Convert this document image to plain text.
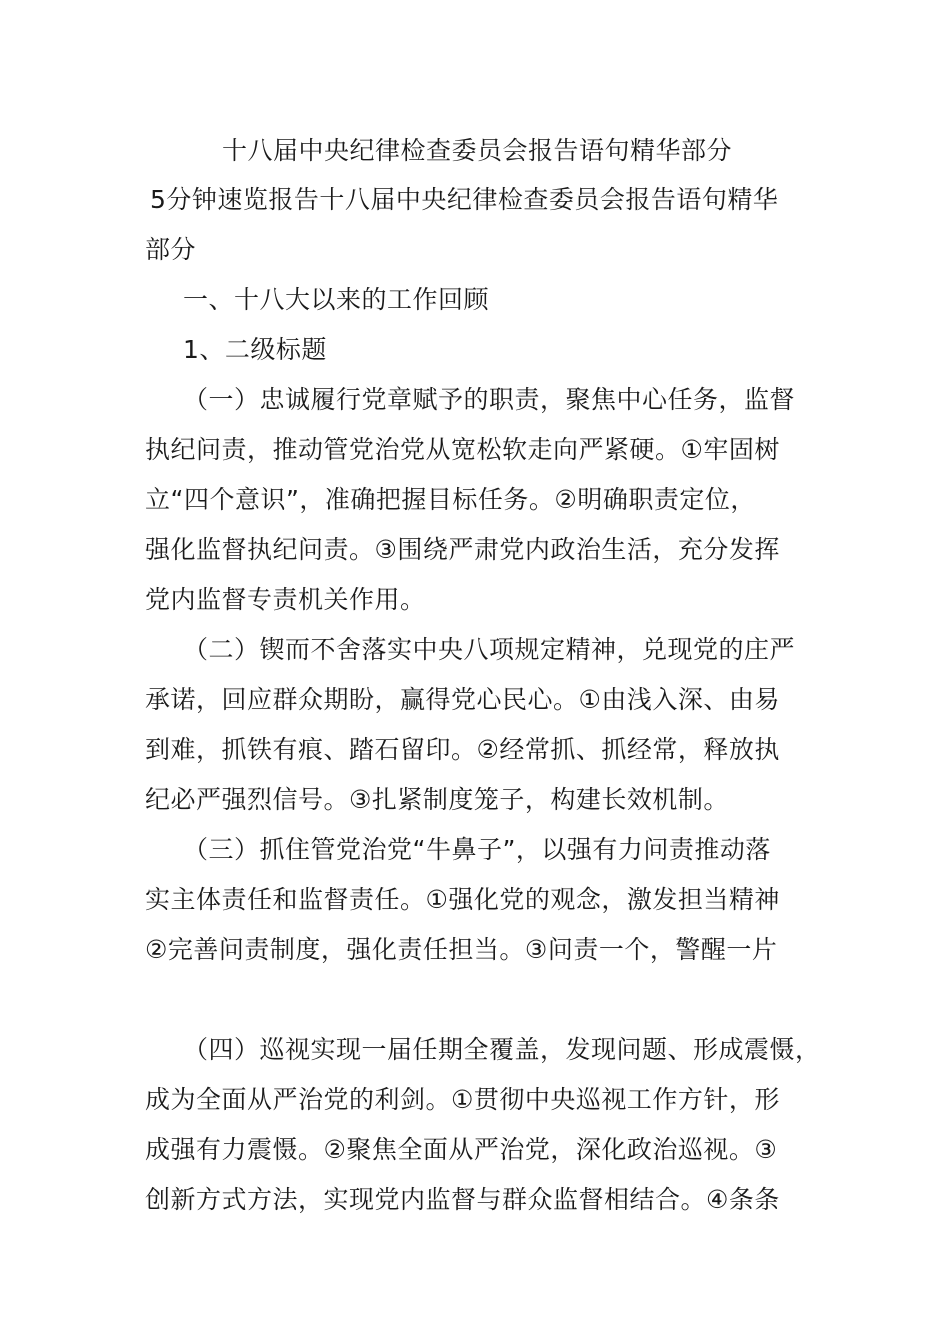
十八届中央纪律检查委员会报告语句精华部分
5分钟速览报告十八届中央纪律检查委员会报告语句精华
部分
一、十八大以来的工作回顾
1、二级标题
（一）忠诚履行党章赋予的职责，聚焦中心任务，监督
执纪问责，推动管党治党从宽松软走向严紧硬。①牢固树
立“四个意识”，准确把握目标任务。②明确职责定位，
强化监督执纪问责。③围绕严肃党内政治生活，充分发挥
党内监督专责机关作用。
（二）锲而不舍落实中央八项规定精神，兑现党的庄严
承诺，回应群众期盼，赢得党心民心。①由浅入深、由易
到难，抓铁有痕、踏石留印。②经常抓、抓经常，释放执
纪必严强烈信号。③扎紧制度笼子，构建长效机制。
（三）抓住管党治党“牛鼻子”，以强有力问责推动落
实主体责任和监督责任。①强化党的观念，激发担当精神
②完善问责制度，强化责任担当。③问责一个，警醒一片
（四）巡视实现一届任期全覆盖，发现问题、形成震慑，
成为全面从严治党的利剑。①贯彻中央巡视工作方针，形
成强有力震慑。②聚焦全面从严治党，深化政治巡视。③
创新方式方法，实现党内监督与群众监督相结合。④条条
